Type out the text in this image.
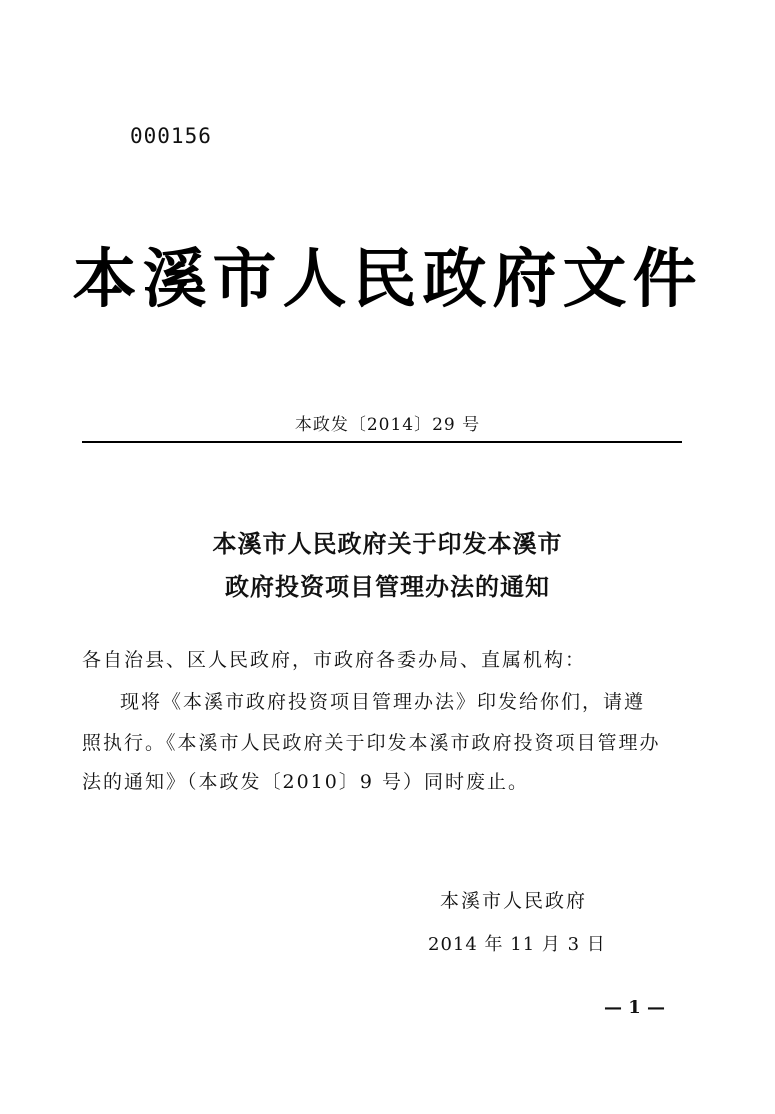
000156
本溪市人民政府文件
本政发〔2014〕29 号
本溪市人民政府关于印发本溪市
政府投资项目管理办法的通知
各自治县、区人民政府，市政府各委办局、直属机构：
现将《本溪市政府投资项目管理办法》印发给你们，请遵
照执行。《本溪市人民政府关于印发本溪市政府投资项目管理办
法的通知》（本政发〔2010〕9 号）同时废止。
本溪市人民政府
2014 年 11 月 3 日
— 1 —
